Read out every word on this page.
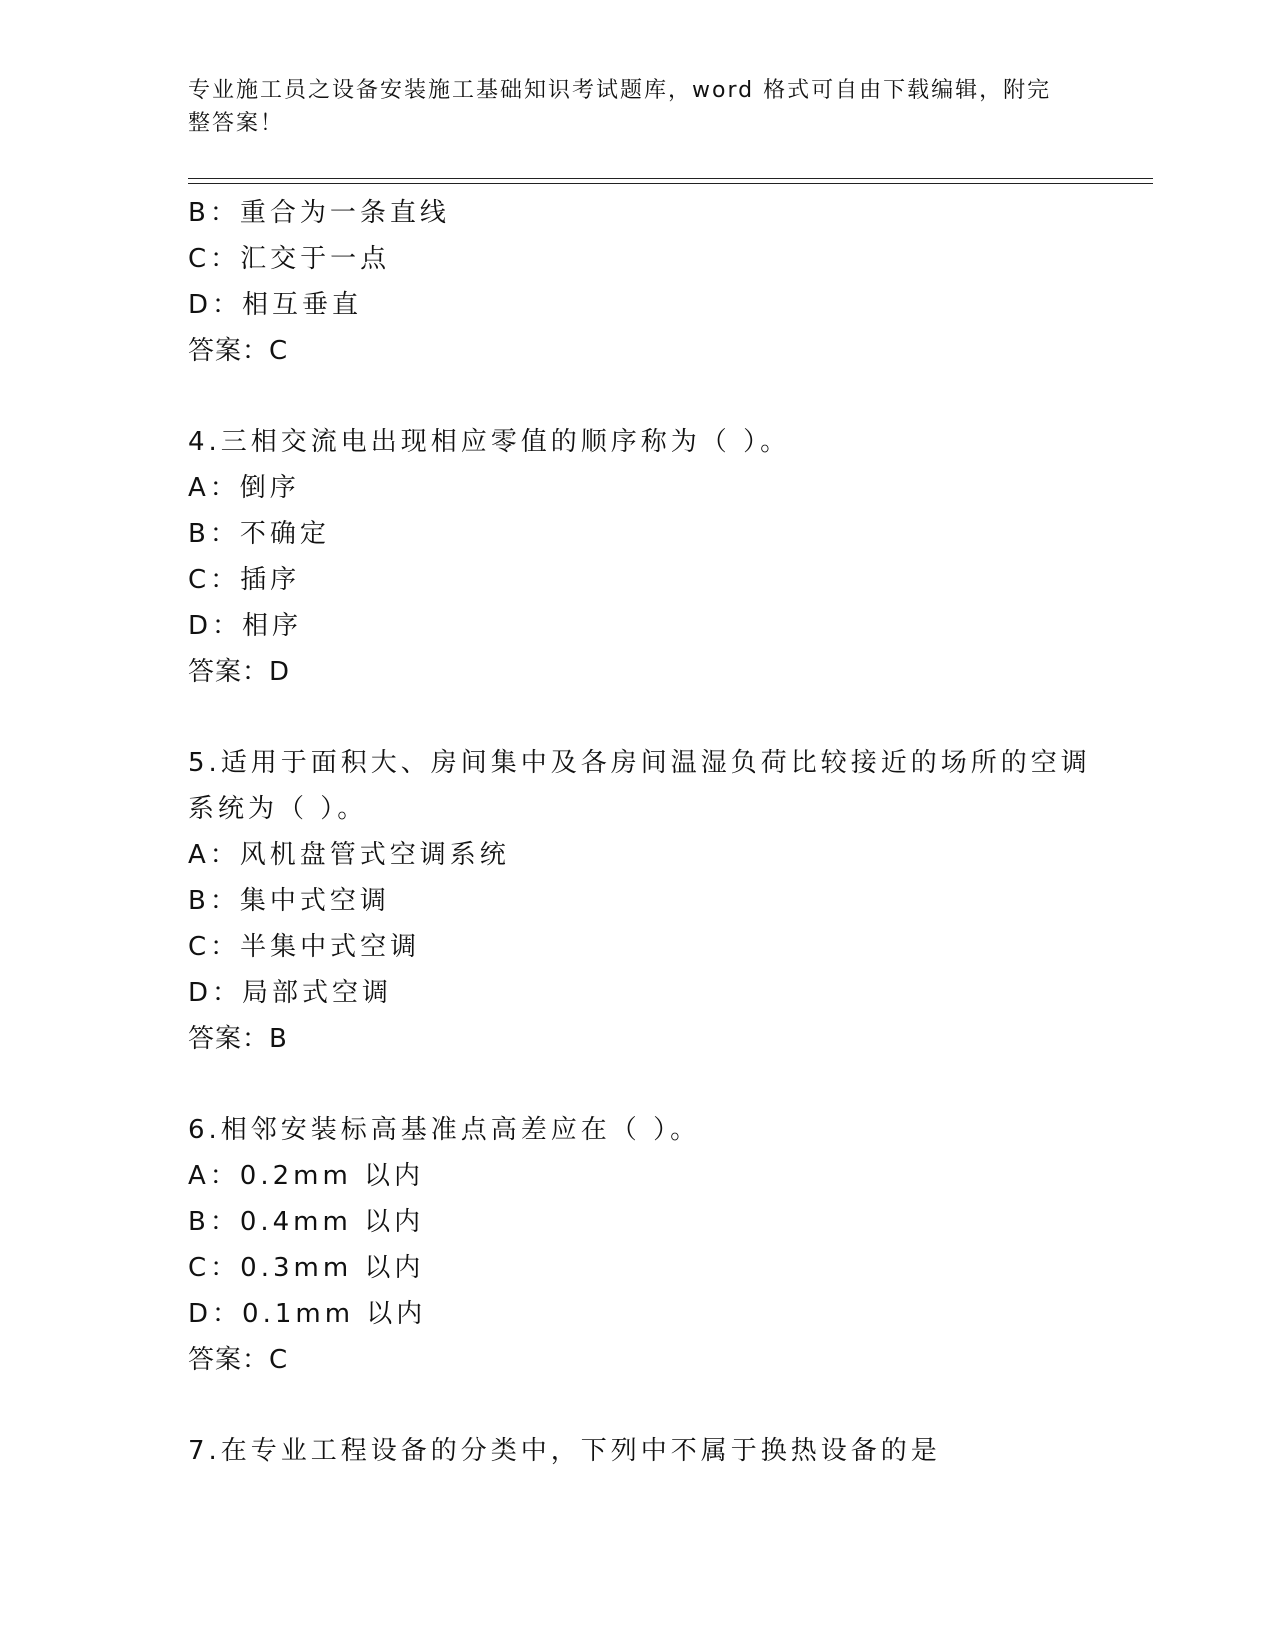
专业施工员之设备安装施工基础知识考试题库，word 格式可自由下载编辑，附完
整答案！
B：重合为一条直线
C：汇交于一点
D：相互垂直
答案：C
4.三相交流电出现相应零值的顺序称为（ ）。
A：倒序
B：不确定
C：插序
D：相序
答案：D
5.适用于面积大、房间集中及各房间温湿负荷比较接近的场所的空调
系统为（ ）。
A：风机盘管式空调系统
B：集中式空调
C：半集中式空调
D：局部式空调
答案：B
6.相邻安装标高基准点高差应在（ ）。
A：0.2mm 以内
B：0.4mm 以内
C：0.3mm 以内
D：0.1mm 以内
答案：C
7.在专业工程设备的分类中，下列中不属于换热设备的是
